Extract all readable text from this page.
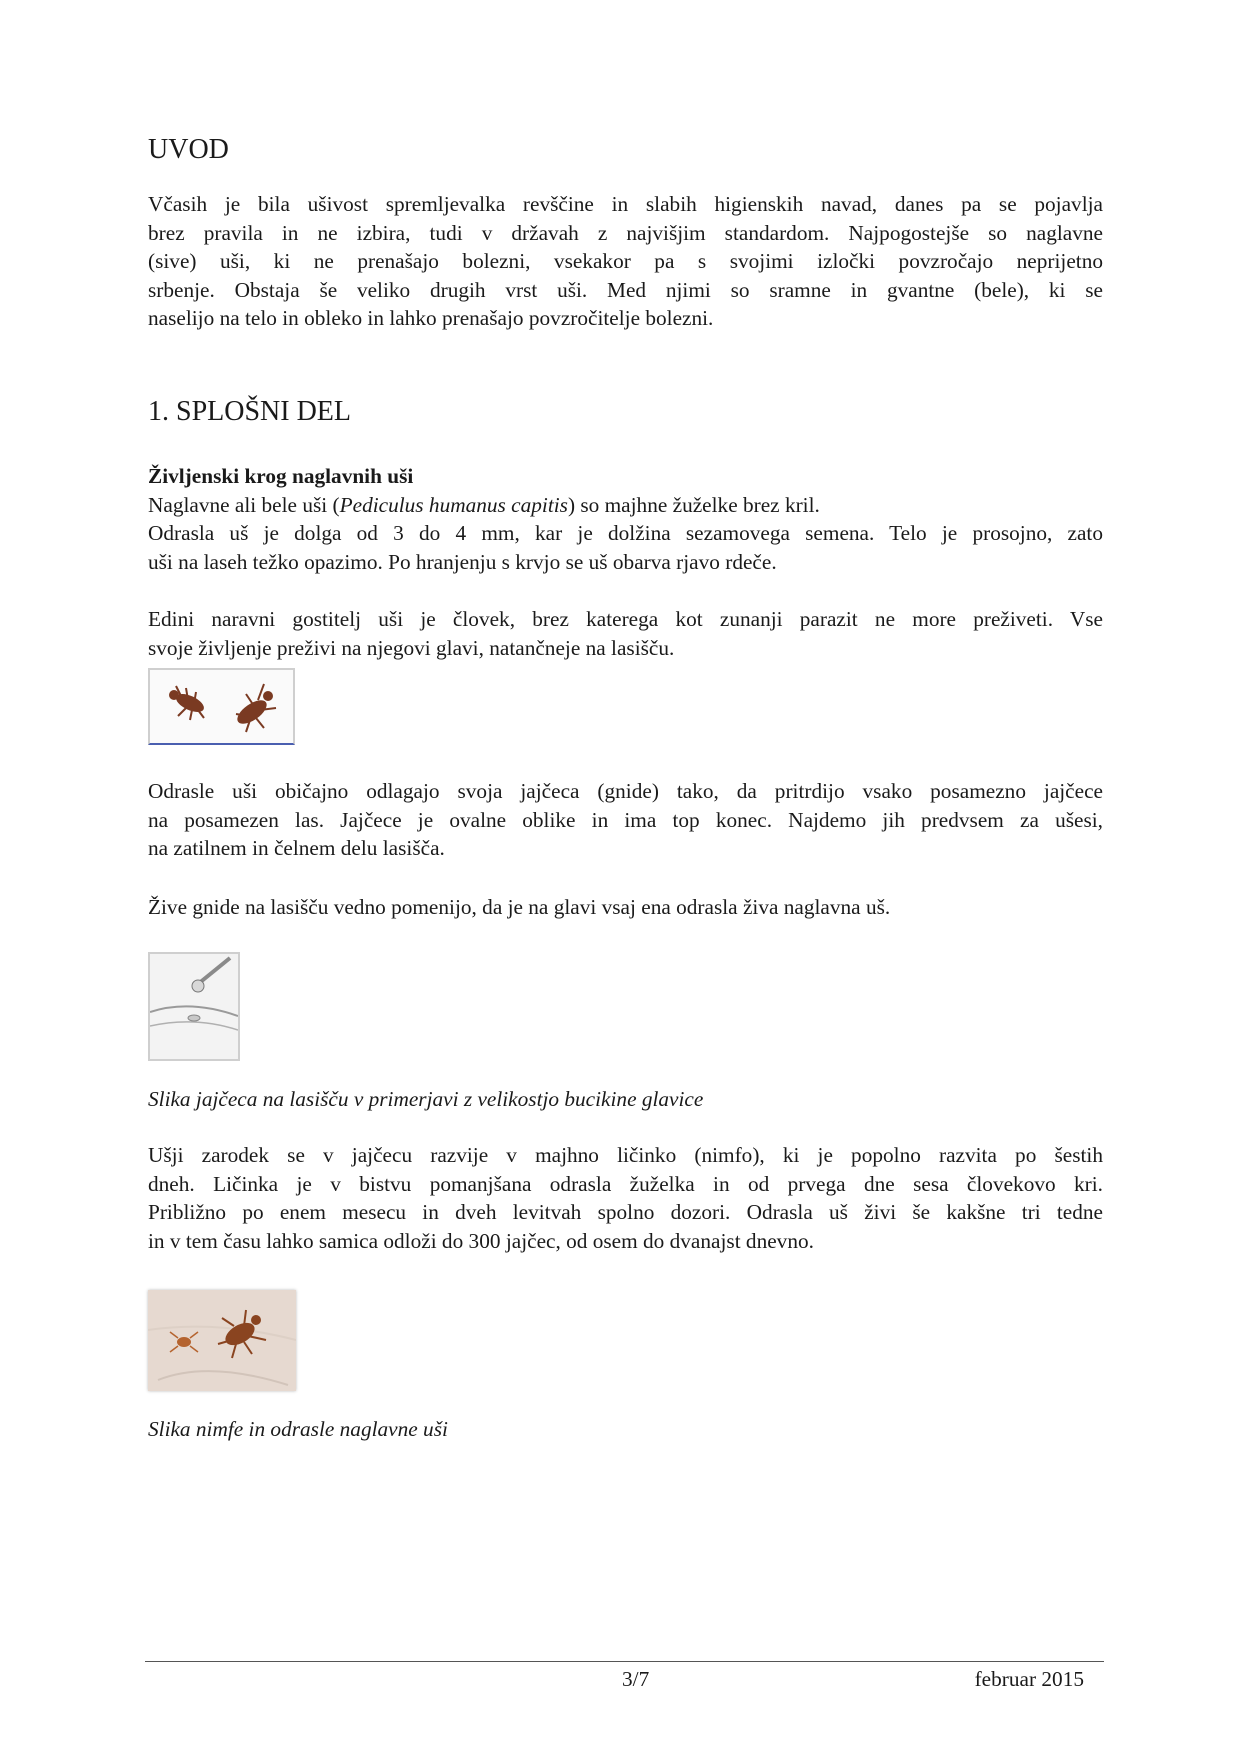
UVOD
Včasih je bila ušivost spremljevalka revščine in slabih higienskih navad, danes pa se pojavlja
brez pravila in ne izbira, tudi v državah z najvišjim standardom. Najpogostejše so naglavne
(sive) uši, ki ne prenašajo bolezni, vsekakor pa s svojimi izločki povzročajo neprijetno
srbenje. Obstaja še veliko drugih vrst uši. Med njimi so sramne in gvantne (bele), ki se
naselijo na telo in obleko in lahko prenašajo povzročitelje bolezni.
1. SPLOŠNI DEL
Življenski krog naglavnih uši
Naglavne ali bele uši (Pediculus humanus capitis) so majhne žuželke brez kril.
Odrasla uš je dolga od 3 do 4 mm, kar je dolžina sezamovega semena. Telo je prosojno, zato
uši na laseh težko opazimo. Po hranjenju s krvjo se uš obarva rjavo rdeče.
Edini naravni gostitelj uši je človek, brez katerega kot zunanji parazit ne more preživeti. Vse
svoje življenje preživi na njegovi glavi, natančneje na lasišču.
Odrasle uši običajno odlagajo svoja jajčeca (gnide) tako, da pritrdijo vsako posamezno jajčece
na posamezen las. Jajčece je ovalne oblike in ima top konec. Najdemo jih predvsem za ušesi,
na zatilnem in čelnem delu lasišča.
Žive gnide na lasišču vedno pomenijo, da je na glavi vsaj ena odrasla živa naglavna uš.

Slika jajčeca na lasišču v primerjavi z velikostjo bucikine glavice

Ušji zarodek se v jajčecu razvije v majhno ličinko (nimfo), ki je popolno razvita po šestih
dneh. Ličinka je v bistvu pomanjšana odrasla žuželka in od prvega dne sesa človekovo kri.
Približno po enem mesecu in dveh levitvah spolno dozori. Odrasla uš živi še kakšne tri tedne
in v tem času lahko samica odloži do 300 jajčec, od osem do dvanajst dnevno.

Slika nimfe in odrasle naglavne uši

3/7	februar 2015
